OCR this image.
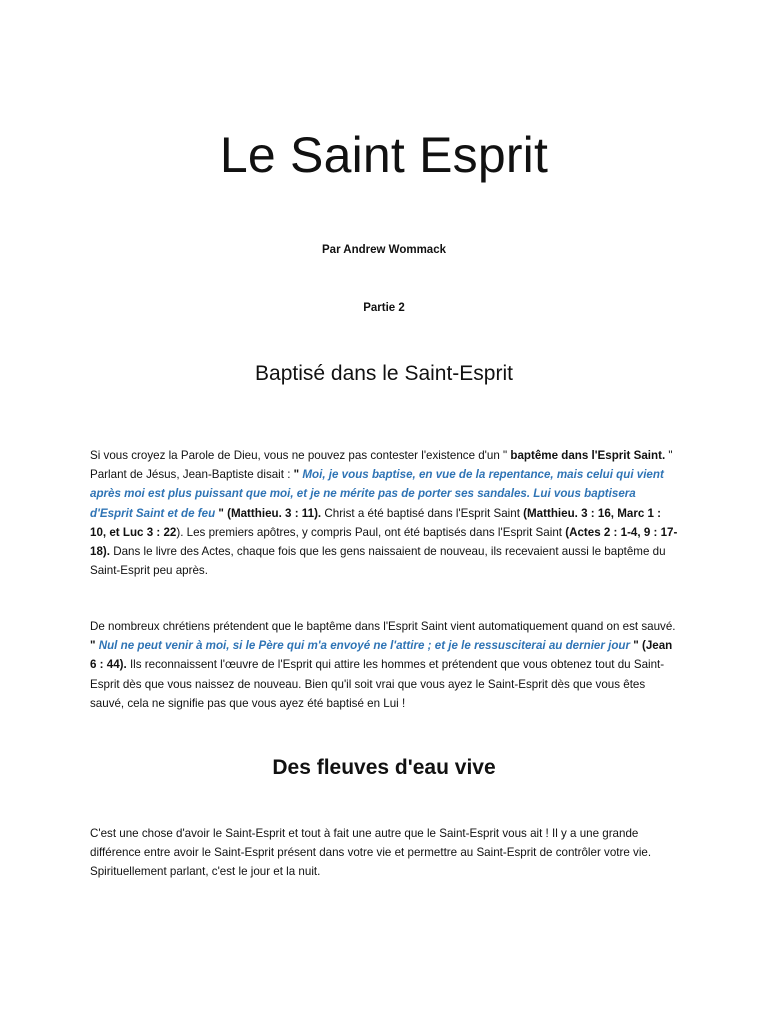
Le Saint Esprit
Par Andrew Wommack
Partie 2
Baptisé dans le Saint-Esprit
Si vous croyez la Parole de Dieu, vous ne pouvez pas contester l'existence d'un " baptême dans l'Esprit Saint. " Parlant de Jésus, Jean-Baptiste disait : " Moi, je vous baptise, en vue de la repentance, mais celui qui vient après moi est plus puissant que moi, et je ne mérite pas de porter ses sandales. Lui vous baptisera d'Esprit Saint et de feu " (Matthieu. 3 : 11). Christ a été baptisé dans l'Esprit Saint (Matthieu. 3 : 16, Marc 1 : 10, et Luc 3 : 22). Les premiers apôtres, y compris Paul, ont été baptisés dans l'Esprit Saint (Actes 2 : 1-4, 9 : 17-18). Dans le livre des Actes, chaque fois que les gens naissaient de nouveau, ils recevaient aussi le baptême du Saint-Esprit peu après.
De nombreux chrétiens prétendent que le baptême dans l'Esprit Saint vient automatiquement quand on est sauvé. " Nul ne peut venir à moi, si le Père qui m'a envoyé ne l'attire ; et je le ressusciterai au dernier jour " (Jean 6 : 44). Ils reconnaissent l'œuvre de l'Esprit qui attire les hommes et prétendent que vous obtenez tout du Saint-Esprit dès que vous naissez de nouveau. Bien qu'il soit vrai que vous ayez le Saint-Esprit dès que vous êtes sauvé, cela ne signifie pas que vous ayez été baptisé en Lui !
Des fleuves d'eau vive
C'est une chose d'avoir le Saint-Esprit et tout à fait une autre que le Saint-Esprit vous ait ! Il y a une grande différence entre avoir le Saint-Esprit présent dans votre vie et permettre au Saint-Esprit de contrôler votre vie. Spirituellement parlant, c'est le jour et la nuit.
